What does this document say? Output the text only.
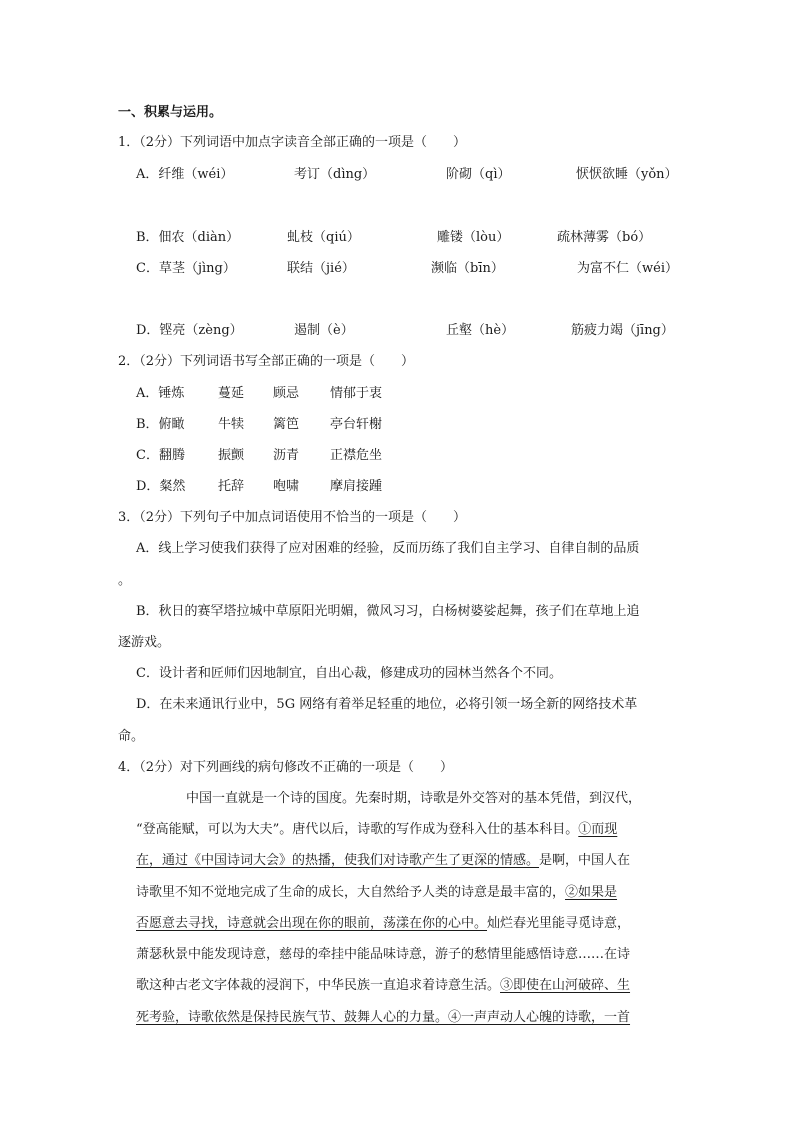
一、积累与运用。
1．（2分）下列词语中加点字读音全部正确的一项是（　　）
A．纤维（wéi）	考订（dìng）	阶砌（qì）	恹恹欲睡（yǒn）
B．佃农（diàn）	虬枝（qiú）	雕镂（lòu）	疏林薄雾（bó）
C．草茎（jìng）	联结（jié）	濒临（bīn）	为富不仁（wéi）
D．铿亮（zèng）	遏制（è）	丘壑（hè）	筋疲力竭（jīng）
2．（2分）下列词语书写全部正确的一项是（　　）
A．锤炼	蔓延 顾忌 情郁于衷
B．俯瞰	牛犊 篱笆 亭台轩榭
C．翻腾	振颤 沥青 正襟危坐
D．粲然	托辞 咆啸 摩肩接踵
3．（2分）下列句子中加点词语使用不恰当的一项是（　　）
A．线上学习使我们获得了应对困难的经验，反而历练了我们自主学习、自律自制的品质
。
B．秋日的赛罕塔拉城中草原阳光明媚，微风习习，白杨树婆娑起舞，孩子们在草地上追
逐游戏。
C．设计者和匠师们因地制宜，自出心裁，修建成功的园林当然各个不同。
D．在未来通讯行业中，5G 网络有着举足轻重的地位，必将引领一场全新的网络技术革
命。
4．（2分）对下列画线的病句修改不正确的一项是（　　）
中国一直就是一个诗的国度。先秦时期，诗歌是外交答对的基本凭借，到汉代，
“登高能赋，可以为大夫”。唐代以后，诗歌的写作成为登科入仕的基本科目。①而现
在，通过《中国诗词大会》的热播，使我们对诗歌产生了更深的情感。是啊，中国人在
诗歌里不知不觉地完成了生命的成长，大自然给予人类的诗意是最丰富的，②如果是
否愿意去寻找，诗意就会出现在你的眼前，荡漾在你的心中。灿烂春光里能寻觅诗意，
萧瑟秋景中能发现诗意，慈母的牵挂中能品味诗意，游子的愁情里能感悟诗意……在诗
歌这种古老文字体裁的浸润下，中华民族一直追求着诗意生活。③即使在山河破碎、生
死考验，诗歌依然是保持民族气节、鼓舞人心的力量。④一声声动人心魄的诗歌，一首
